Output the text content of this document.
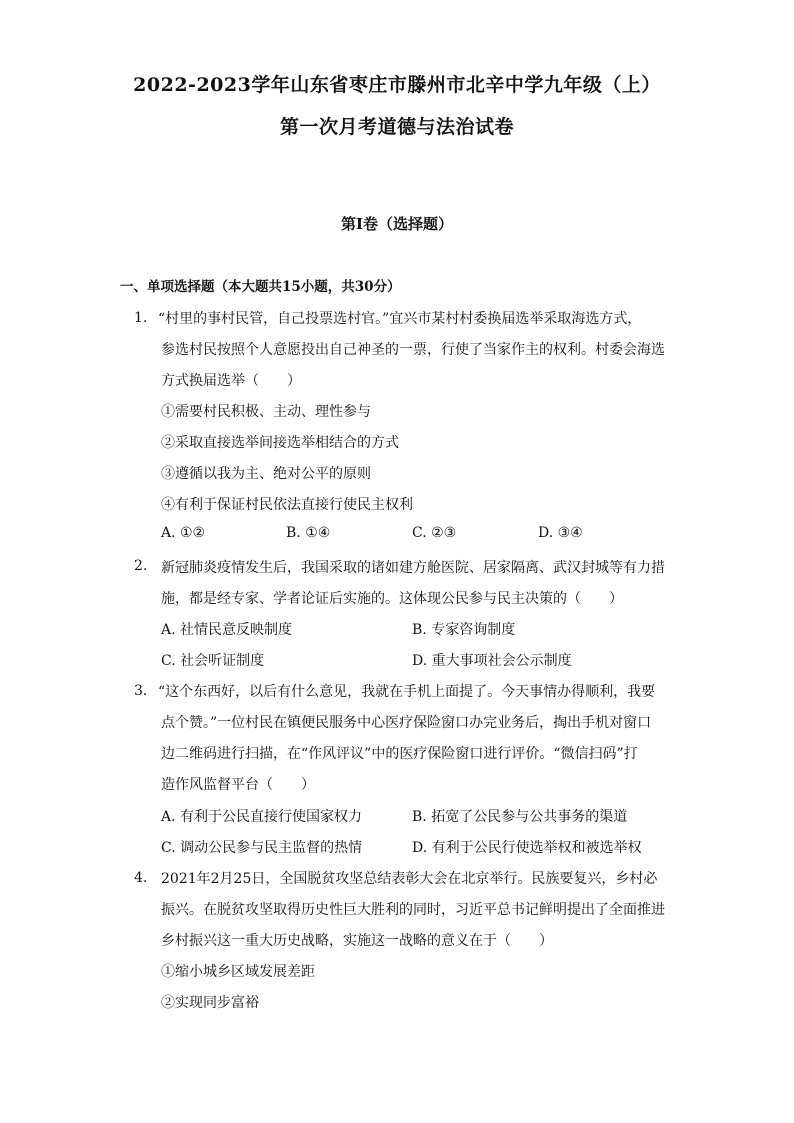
2022-2023学年山东省枣庄市滕州市北辛中学九年级（上）
第一次月考道德与法治试卷
第I卷（选择题）
一、单项选择题（本大题共15小题，共30分）
1. “村里的事村民管，自己投票选村官。”宜兴市某村村委换届选举采取海选方式，
参选村民按照个人意愿投出自己神圣的一票，行使了当家作主的权利。村委会海选
方式换届选举（　　）
①需要村民积极、主动、理性参与
②采取直接选举间接选举相结合的方式
③遵循以我为主、绝对公平的原则
④有利于保证村民依法直接行使民主权利
A. ①②	B. ①④	C. ②③	D. ③④
2. 新冠肺炎疫情发生后，我国采取的诸如建方舱医院、居家隔离、武汉封城等有力措
施，都是经专家、学者论证后实施的。这体现公民参与民主决策的（　　）
A. 社情民意反映制度	B. 专家咨询制度
C. 社会听证制度	D. 重大事项社会公示制度
3. “这个东西好，以后有什么意见，我就在手机上面提了。今天事情办得顺利，我要
点个赞。”一位村民在镇便民服务中心医疗保险窗口办完业务后，掏出手机对窗口
边二维码进行扫描，在“作风评议”中的医疗保险窗口进行评价。“微信扫码”打
造作风监督平台（　　）
A. 有利于公民直接行使国家权力	B. 拓宽了公民参与公共事务的渠道
C. 调动公民参与民主监督的热情	D. 有利于公民行使选举权和被选举权
4. 2021年2月25日，全国脱贫攻坚总结表彰大会在北京举行。民族要复兴，乡村必
振兴。在脱贫攻坚取得历史性巨大胜利的同时，习近平总书记鲜明提出了全面推进
乡村振兴这一重大历史战略，实施这一战略的意义在于（　　）
①缩小城乡区域发展差距
②实现同步富裕
